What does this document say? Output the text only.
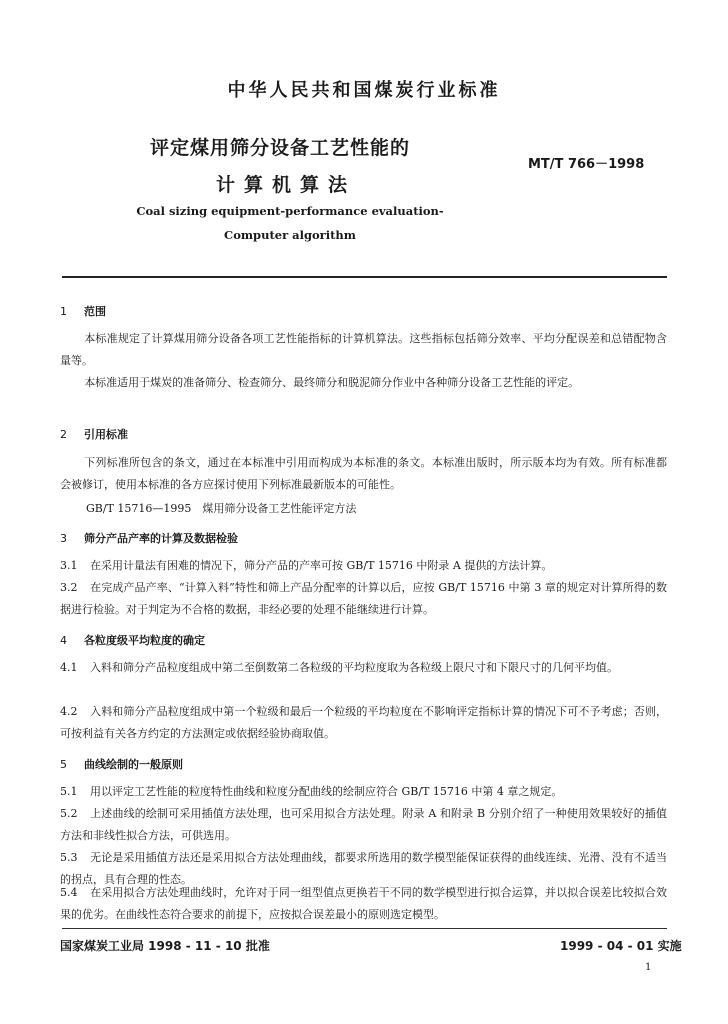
中华人民共和国煤炭行业标准
评定煤用筛分设备工艺性能的
计算机算法
MT/T 766－1998
Coal sizing equipment-performance evaluation-
Computer algorithm
1 范围
本标准规定了计算煤用筛分设备各项工艺性能指标的计算机算法。这些指标包括筛分效率、平均分配误差和总错配物含量等。
本标准适用于煤炭的准备筛分、检查筛分、最终筛分和脱泥筛分作业中各种筛分设备工艺性能的评定。
2 引用标准
下列标准所包含的条文，通过在本标准中引用而构成为本标准的条文。本标准出版时，所示版本均为有效。所有标准都会被修订，使用本标准的各方应探讨使用下列标准最新版本的可能性。
GB/T 15716—1995　煤用筛分设备工艺性能评定方法
3 筛分产品产率的计算及数据检验
3.1 在采用计量法有困难的情况下，筛分产品的产率可按 GB/T 15716 中附录 A 提供的方法计算。
3.2 在完成产品产率、“计算入料”特性和筛上产品分配率的计算以后，应按 GB/T 15716 中第 3 章的规定对计算所得的数据进行检验。对于判定为不合格的数据，非经必要的处理不能继续进行计算。
4 各粒度级平均粒度的确定
4.1 入料和筛分产品粒度组成中第二至倒数第二各粒级的平均粒度取为各粒级上限尺寸和下限尺寸的几何平均值。
4.2 入料和筛分产品粒度组成中第一个粒级和最后一个粒级的平均粒度在不影响评定指标计算的情况下可不予考虑；否则，可按利益有关各方约定的方法测定或依据经验协商取值。
5 曲线绘制的一般原则
5.1 用以评定工艺性能的粒度特性曲线和粒度分配曲线的绘制应符合 GB/T 15716 中第 4 章之规定。
5.2 上述曲线的绘制可采用插值方法处理，也可采用拟合方法处理。附录 A 和附录 B 分别介绍了一种使用效果较好的插值方法和非线性拟合方法，可供选用。
5.3 无论是采用插值方法还是采用拟合方法处理曲线，都要求所选用的数学模型能保证获得的曲线连续、光滑、没有不适当的拐点，具有合理的性态。
5.4 在采用拟合方法处理曲线时，允许对于同一组型值点更换若干不同的数学模型进行拟合运算，并以拟合误差比较拟合效果的优劣。在曲线性态符合要求的前提下，应按拟合误差最小的原则选定模型。
国家煤炭工业局 1998 - 11 - 10 批准	1999 - 04 - 01 实施
1
